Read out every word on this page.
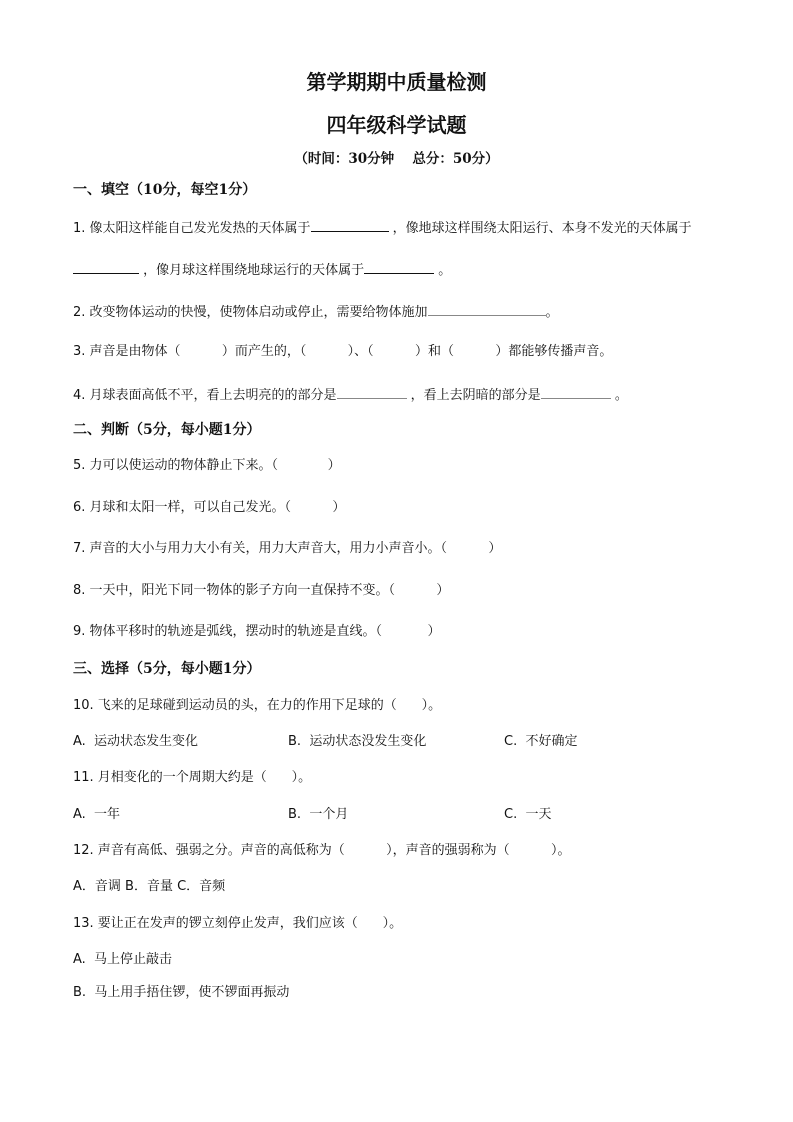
第学期期中质量检测
四年级科学试题
（时间：30分钟　 总分：50分）
一、填空（10分，每空1分）
1. 像太阳这样能自己发光发热的天体属于	，像地球这样围绕太阳运行、本身不发光的天体属于
，像月球这样围绕地球运行的天体属于	。
2. 改变物体运动的快慢，使物体启动或停止，需要给物体施加	。
3. 声音是由物体（          ）而产生的，（          ）、（          ）和（          ）都能够传播声音。
4. 月球表面高低不平，看上去明亮的的部分是	，看上去阴暗的部分是	。
二、判断（5分，每小题1分）
5. 力可以使运动的物体静止下来。（            ）
6. 月球和太阳一样，可以自己发光。（          ）
7. 声音的大小与用力大小有关，用力大声音大，用力小声音小。（          ）
8. 一天中，阳光下同一物体的影子方向一直保持不变。（          ）
9. 物体平移时的轨迹是弧线，摆动时的轨迹是直线。（           ）
三、选择（5分，每小题1分）
10. 飞来的足球碰到运动员的头，在力的作用下足球的（      ）。
A.  运动状态发生变化	B.  运动状态没发生变化	C.  不好确定
11. 月相变化的一个周期大约是（      ）。
A.  一年	B.  一个月	C.  一天
12. 声音有高低、强弱之分。声音的高低称为（          ），声音的强弱称为（          ）。
A．音调 B．音量 C．音频
13. 要让正在发声的锣立刻停止发声，我们应该（      ）。
A.  马上停止敲击
B.  马上用手捂住锣，使不锣面再振动
